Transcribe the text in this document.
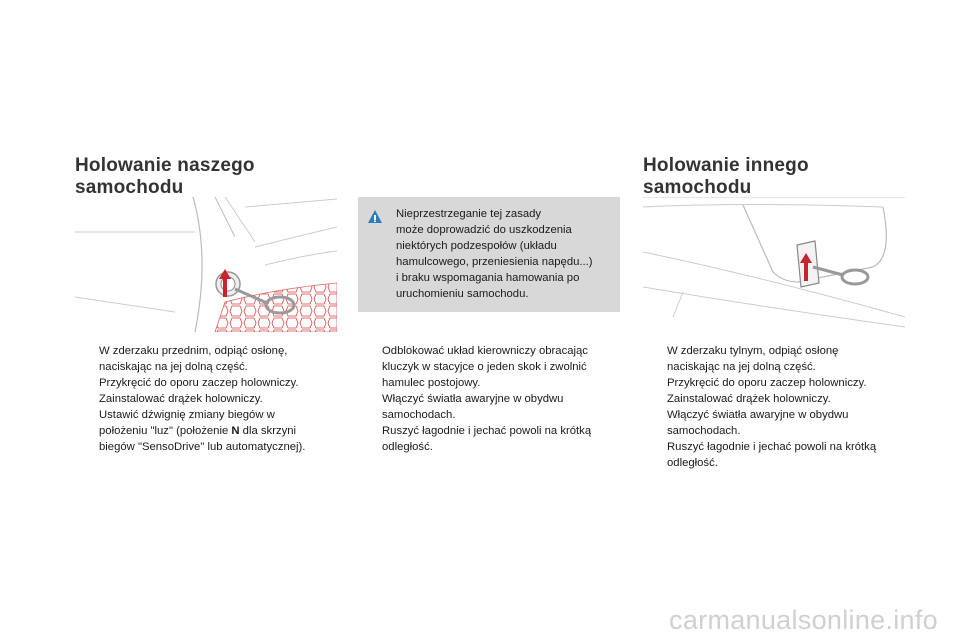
Holowanie naszego
samochodu
Holowanie innego
samochodu
Nieprzestrzeganie tej zasady
może doprowadzić do uszkodzenia
niektórych podzespołów (układu
hamulcowego, przeniesienia napędu...)
i braku wspomagania hamowania po
uruchomieniu samochodu.
W zderzaku przednim, odpiąć osłonę,
naciskając na jej dolną część.
Przykręcić do oporu zaczep holowniczy.
Zainstalować drążek holowniczy.
Ustawić dźwignię zmiany biegów w
położeniu "luz" (położenie N dla skrzyni
biegów "SensoDrive" lub automatycznej).
Odblokować układ kierowniczy obracając
kluczyk w stacyjce o jeden skok i zwolnić
hamulec postojowy.
Włączyć światła awaryjne w obydwu
samochodach.
Ruszyć łagodnie i jechać powoli na krótką
odległość.
W zderzaku tylnym, odpiąć osłonę
naciskając na jej dolną część.
Przykręcić do oporu zaczep holowniczy.
Zainstalować drążek holowniczy.
Włączyć światła awaryjne w obydwu
samochodach.
Ruszyć łagodnie i jechać powoli na krótką
odległość.
carmanualsonline.info
